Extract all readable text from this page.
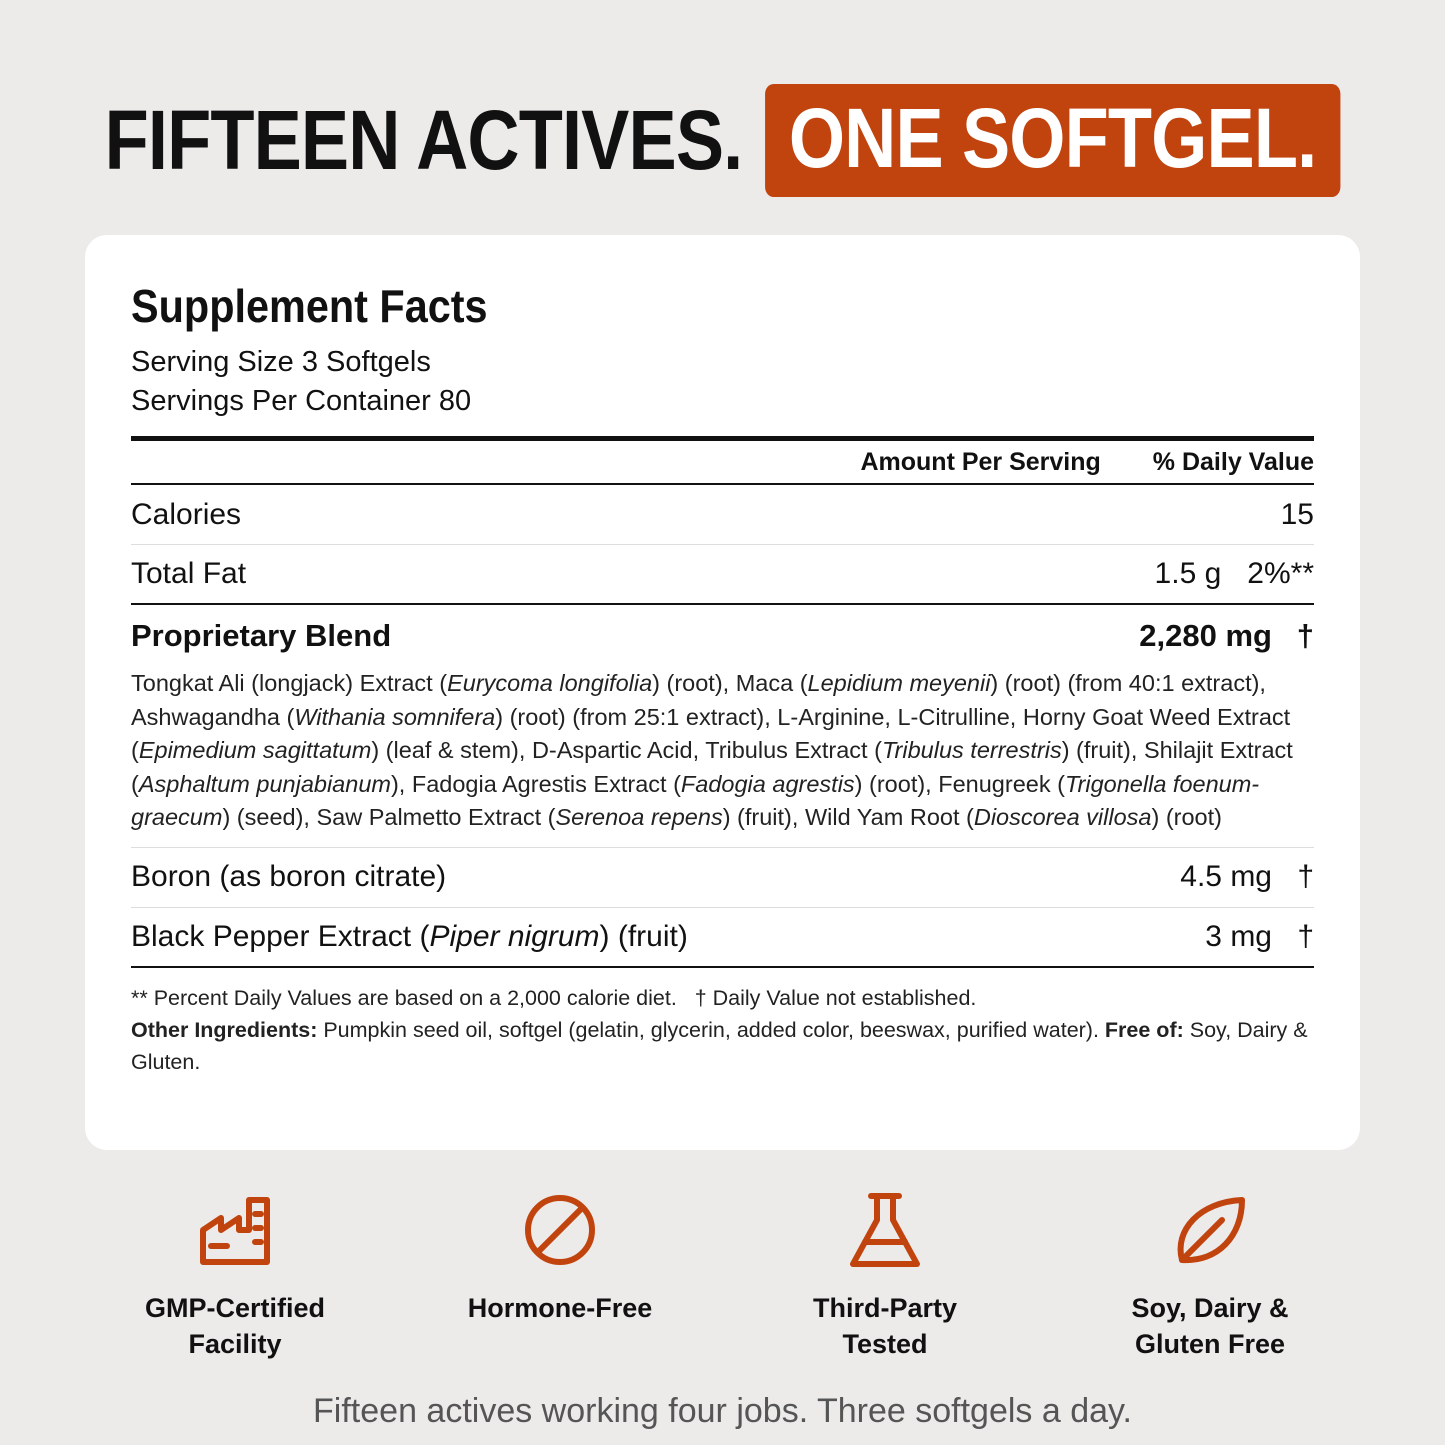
FIFTEEN ACTIVES. ONE SOFTGEL.
Supplement Facts
Serving Size 3 Softgels
Servings Per Container 80
Amount Per Serving % Daily Value
Calories	15
Total Fat	1.5 g 2%**
Proprietary Blend	2,280 mg †
Tongkat Ali (longjack) Extract (Eurycoma longifolia) (root), Maca (Lepidium meyenii) (root) (from 40:1 extract), Ashwagandha (Withania somnifera) (root) (from 25:1 extract), L-Arginine, L-Citrulline, Horny Goat Weed Extract (Epimedium sagittatum) (leaf & stem), D-Aspartic Acid, Tribulus Extract (Tribulus terrestris) (fruit), Shilajit Extract (Asphaltum punjabianum), Fadogia Agrestis Extract (Fadogia agrestis) (root), Fenugreek (Trigonella foenum-graecum) (seed), Saw Palmetto Extract (Serenoa repens) (fruit), Wild Yam Root (Dioscorea villosa) (root)
Boron (as boron citrate)	4.5 mg †
Black Pepper Extract (Piper nigrum) (fruit)	3 mg †
** Percent Daily Values are based on a 2,000 calorie diet.   † Daily Value not established.
Other Ingredients: Pumpkin seed oil, softgel (gelatin, glycerin, added color, beeswax, purified water). Free of: Soy, Dairy & Gluten.
GMP-Certified
Facility
Hormone-Free	Third-Party
Tested
Soy, Dairy &
Gluten Free
Fifteen actives working four jobs. Three softgels a day.
